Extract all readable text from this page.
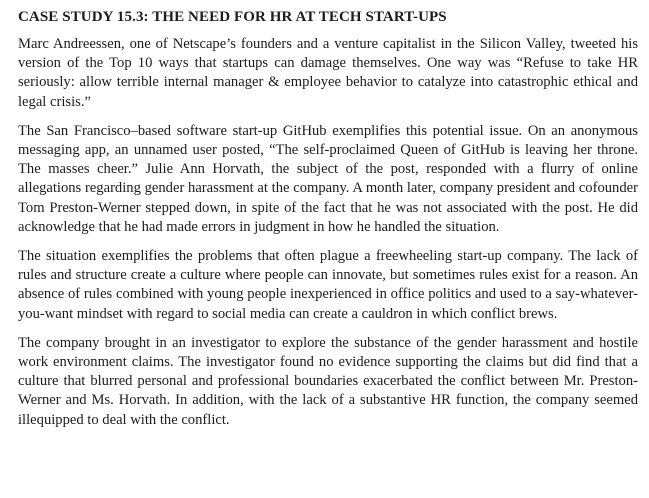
CASE STUDY 15.3: THE NEED FOR HR AT TECH START-UPS

Marc Andreessen, one of Netscape’s founders and a venture capitalist in the Silicon Valley, tweeted his version of the Top 10 ways that startups can damage themselves. One way was “Refuse to take HR seriously: allow terrible internal manager & employee behavior to catalyze into catastrophic ethical and legal crisis.”

The San Francisco–based software start-up GitHub exemplifies this potential issue. On an anonymous messaging app, an unnamed user posted, “The self-proclaimed Queen of GitHub is leaving her throne. The masses cheer.” Julie Ann Horvath, the subject of the post, responded with a flurry of online allegations regarding gender harassment at the company. A month later, company president and cofounder Tom Preston-Werner stepped down, in spite of the fact that he was not associated with the post. He did acknowledge that he had made errors in judgment in how he handled the situation.

The situation exemplifies the problems that often plague a freewheeling start-up company. The lack of rules and structure create a culture where people can innovate, but sometimes rules exist for a reason. An absence of rules combined with young people inexperienced in office politics and used to a say-whatever-you-want mindset with regard to social media can create a cauldron in which conflict brews.

The company brought in an investigator to explore the substance of the gender harassment and hostile work environment claims. The investigator found no evidence supporting the claims but did find that a culture that blurred personal and professional boundaries exacerbated the conflict between Mr. Preston-Werner and Ms. Horvath. In addition, with the lack of a substantive HR function, the company seemed illequipped to deal with the conflict.
